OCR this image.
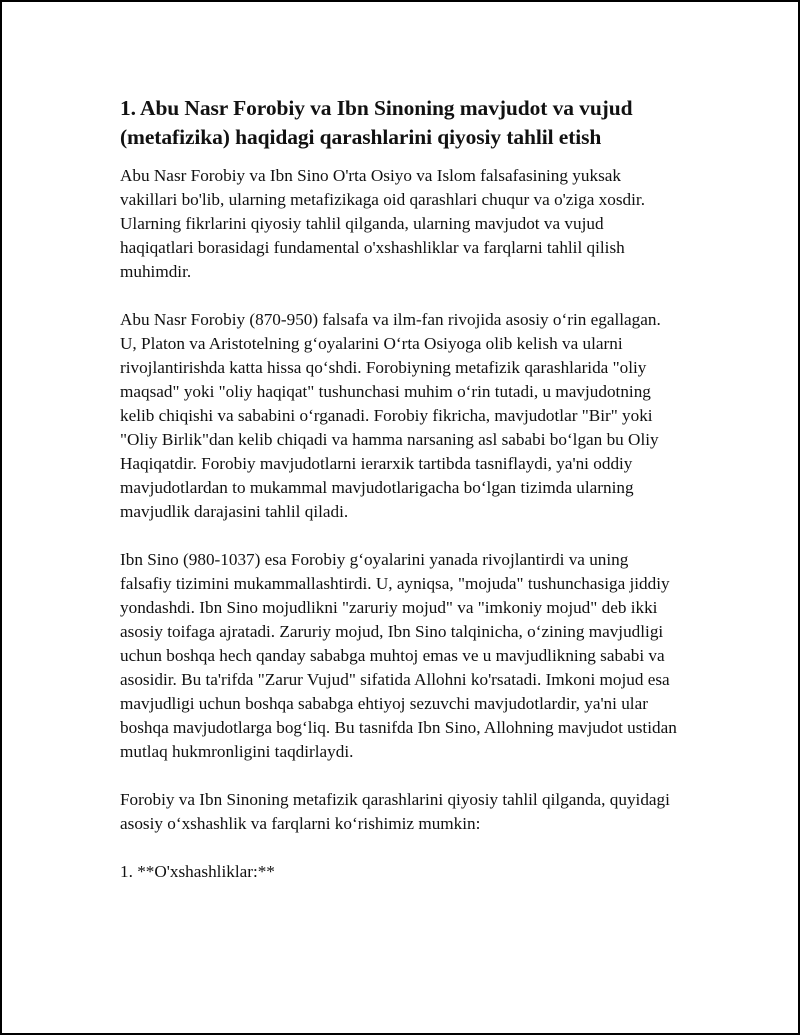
1. Abu Nasr Forobiy va Ibn Sinoning mavjudot va vujud (metafizika) haqidagi qarashlarini qiyosiy tahlil etish

Abu Nasr Forobiy va Ibn Sino O'rta Osiyo va Islom falsafasining yuksak vakillari bo'lib, ularning metafizikaga oid qarashlari chuqur va o'ziga xosdir. Ularning fikrlarini qiyosiy tahlil qilganda, ularning mavjudot va vujud haqiqatlari borasidagi fundamental o'xshashliklar va farqlarni tahlil qilish muhimdir.

Abu Nasr Forobiy (870-950) falsafa va ilm-fan rivojida asosiy o‘rin egallagan. U, Platon va Aristotelning g‘oyalarini O‘rta Osiyoga olib kelish va ularni rivojlantirishda katta hissa qo‘shdi. Forobiyning metafizik qarashlarida "oliy maqsad" yoki "oliy haqiqat" tushunchasi muhim o‘rin tutadi, u mavjudotning kelib chiqishi va sababini o‘rganadi. Forobiy fikricha, mavjudotlar "Bir" yoki "Oliy Birlik"dan kelib chiqadi va hamma narsaning asl sababi bo‘lgan bu Oliy Haqiqatdir. Forobiy mavjudotlarni ierarxik tartibda tasniflaydi, ya'ni oddiy mavjudotlardan to mukammal mavjudotlarigacha bo‘lgan tizimda ularning mavjudlik darajasini tahlil qiladi.

Ibn Sino (980-1037) esa Forobiy g‘oyalarini yanada rivojlantirdi va uning falsafiy tizimini mukammallashtirdi. U, ayniqsa, "mojuda" tushunchasiga jiddiy yondashdi. Ibn Sino mojudlikni "zaruriy mojud" va "imkoniy mojud" deb ikki asosiy toifaga ajratadi. Zaruriy mojud, Ibn Sino talqinicha, o‘zining mavjudligi uchun boshqa hech qanday sababga muhtoj emas ve u mavjudlikning sababi va asosidir. Bu ta'rifda "Zarur Vujud" sifatida Allohni ko'rsatadi. Imkoni mojud esa mavjudligi uchun boshqa sababga ehtiyoj sezuvchi mavjudotlardir, ya'ni ular boshqa mavjudotlarga bog‘liq. Bu tasnifda Ibn Sino, Allohning mavjudot ustidan mutlaq hukmronligini taqdirlaydi.

Forobiy va Ibn Sinoning metafizik qarashlarini qiyosiy tahlil qilganda, quyidagi asosiy o‘xshashlik va farqlarni ko‘rishimiz mumkin:

1. **O'xshashliklar:**
